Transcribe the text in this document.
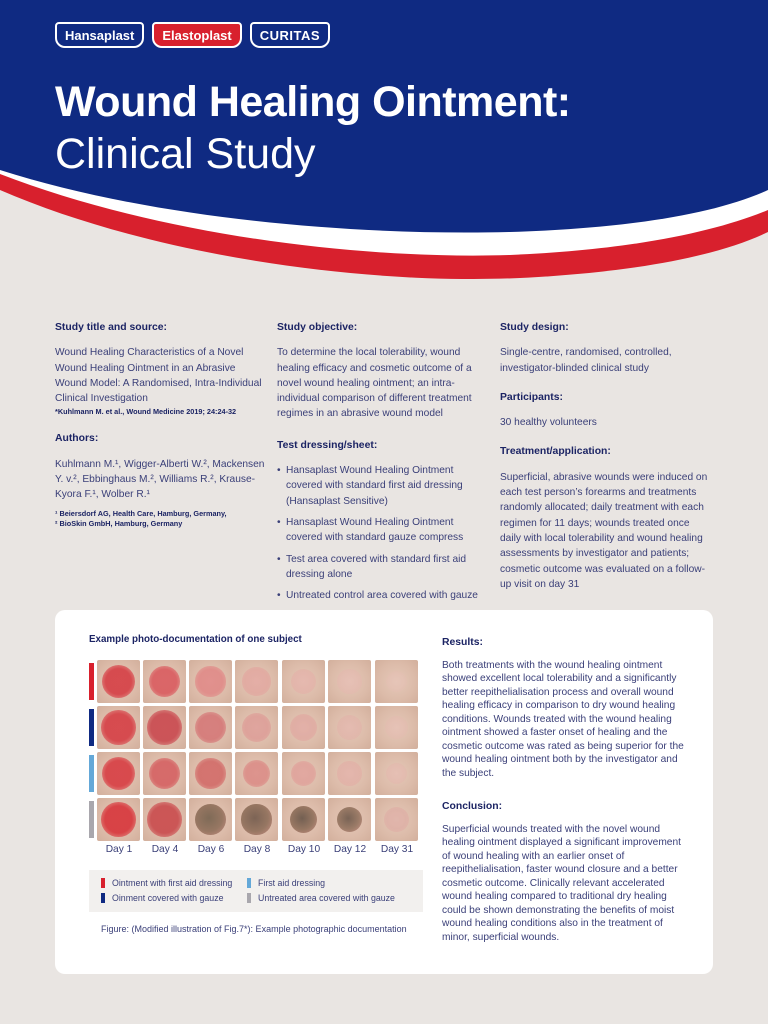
Hansaplast	Elastoplast	CURITAS
Wound Healing Ointment:
Clinical Study
Study title and source:
Wound Healing Characteristics of a Novel Wound Healing Ointment in an Abrasive Wound Model: A Randomised, Intra-Individual Clinical Investigation
*Kuhlmann M. et al., Wound Medicine 2019; 24:24-32
Authors:
Kuhlmann M.¹, Wigger-Alberti W.², Mackensen Y. v.², Ebbinghaus M.², Williams R.², Krause-Kyora F.¹, Wolber R.¹
¹ Beiersdorf AG, Health Care, Hamburg, Germany,
² BioSkin GmbH, Hamburg, Germany
Study objective:
To determine the local tolerability, wound healing efficacy and cosmetic outcome of a novel wound healing ointment; an intra-individual comparison of different treatment regimes in an abrasive wound model
Test dressing/sheet:
• Hansaplast Wound Healing Ointment covered with standard first aid dressing (Hansaplast Sensitive)
• Hansaplast Wound Healing Ointment covered with standard gauze compress
• Test area covered with standard first aid dressing alone
• Untreated control area covered with gauze
Study design:
Single-centre, randomised, controlled, investigator-blinded clinical study
Participants:
30 healthy volunteers
Treatment/application:
Superficial, abrasive wounds were induced on each test person’s forearms and treatments randomly allocated; daily treatment with each regimen for 11 days; wounds treated once daily with local tolerability and wound healing assessments by investigator and patients; cosmetic outcome was evaluated on a follow-up visit on day 31
Example photo-documentation of one subject
Day 1	Day 4	Day 6	Day 8	Day 10	Day 12	Day 31
Ointment with first aid dressing
Oinment covered with gauze
First aid dressing
Untreated area covered with gauze
Figure: (Modified illustration of Fig.7*): Example photographic documentation
Results:
Both treatments with the wound healing ointment showed excellent local tolerability and a significantly better reepithelialisation process and overall wound healing efficacy in comparison to dry wound healing conditions. Wounds treated with the wound healing ointment showed a faster onset of healing and the cosmetic outcome was rated as being superior for the wound healing ointment both by the investigator and the subject.
Conclusion:
Superficial wounds treated with the novel wound healing ointment displayed a significant improvement of wound healing with an earlier onset of reepithelialisation, faster wound closure and a better cosmetic outcome. Clinically relevant accelerated wound healing compared to traditional dry healing could be shown demonstrating the benefits of moist wound healing conditions also in the treatment of minor, superficial wounds.
